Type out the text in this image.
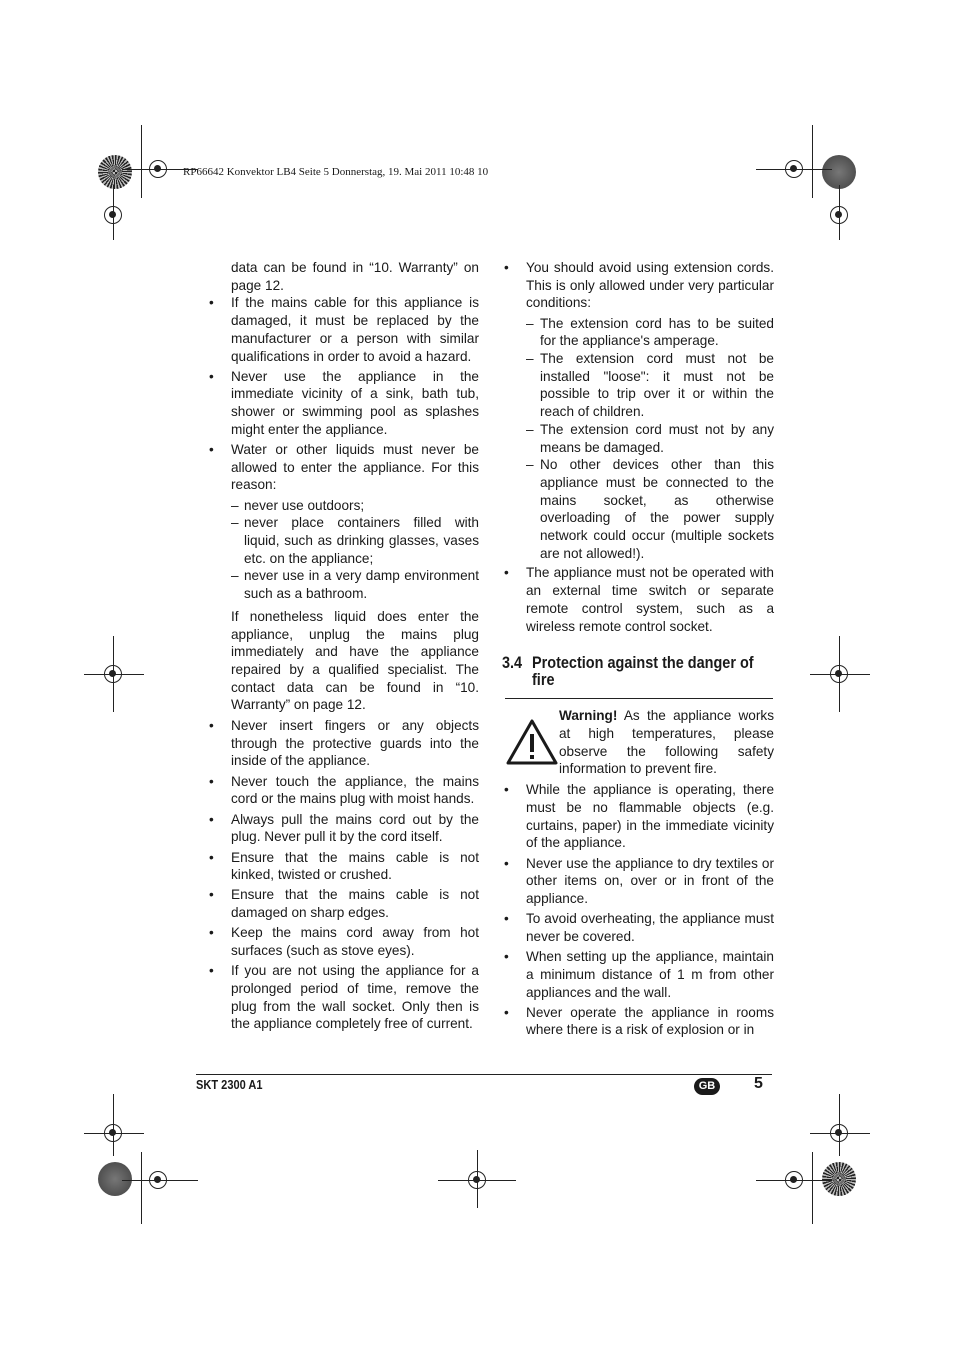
RP66642 Konvektor LB4 Seite 5 Donnerstag, 19. Mai 2011 10:48 10

data can be found in “10. Warranty” on page 12.

• If the mains cable for this appliance is damaged, it must be replaced by the manufacturer or a person with similar qualifications in order to avoid a hazard.
• Never use the appliance in the immediate vicinity of a sink, bath tub, shower or swimming pool as splashes might enter the appliance.
• Water or other liquids must never be allowed to enter the appliance. For this reason:
– never use outdoors;
– never place containers filled with liquid, such as drinking glasses, vases etc. on the appliance;
– never use in a very damp environment such as a bathroom.

If nonetheless liquid does enter the appliance, unplug the mains plug immediately and have the appliance repaired by a qualified specialist. The contact data can be found in “10. Warranty” on page 12.

• Never insert fingers or any objects through the protective guards into the inside of the appliance.
• Never touch the appliance, the mains cord or the mains plug with moist hands.
• Always pull the mains cord out by the plug. Never pull it by the cord itself.
• Ensure that the mains cable is not kinked, twisted or crushed.
• Ensure that the mains cable is not damaged on sharp edges.
• Keep the mains cord away from hot surfaces (such as stove eyes).
• If you are not using the appliance for a prolonged period of time, remove the plug from the wall socket. Only then is the appliance completely free of current.
• You should avoid using extension cords. This is only allowed under very particular conditions:
– The extension cord has to be suited for the appliance's amperage.
– The extension cord must not be installed "loose": it must not be possible to trip over it or within the reach of children.
– The extension cord must not by any means be damaged.
– No other devices other than this appliance must be connected to the mains socket, as otherwise overloading of the power supply network could occur (multiple sockets are not allowed!).
• The appliance must not be operated with an external time switch or separate remote control system, such as a wireless remote control socket.
3.4 Protection against the danger of fire

Warning! As the appliance works at high temperatures, please observe the following safety information to prevent fire.

• While the appliance is operating, there must be no flammable objects (e.g. curtains, paper) in the immediate vicinity of the appliance.
• Never use the appliance to dry textiles or other items on, over or in front of the appliance.
• To avoid overheating, the appliance must never be covered.
• When setting up the appliance, maintain a minimum distance of 1 m from other appliances and the wall.
• Never operate the appliance in rooms where there is a risk of explosion or in
SKT 2300 A1	GB 5
